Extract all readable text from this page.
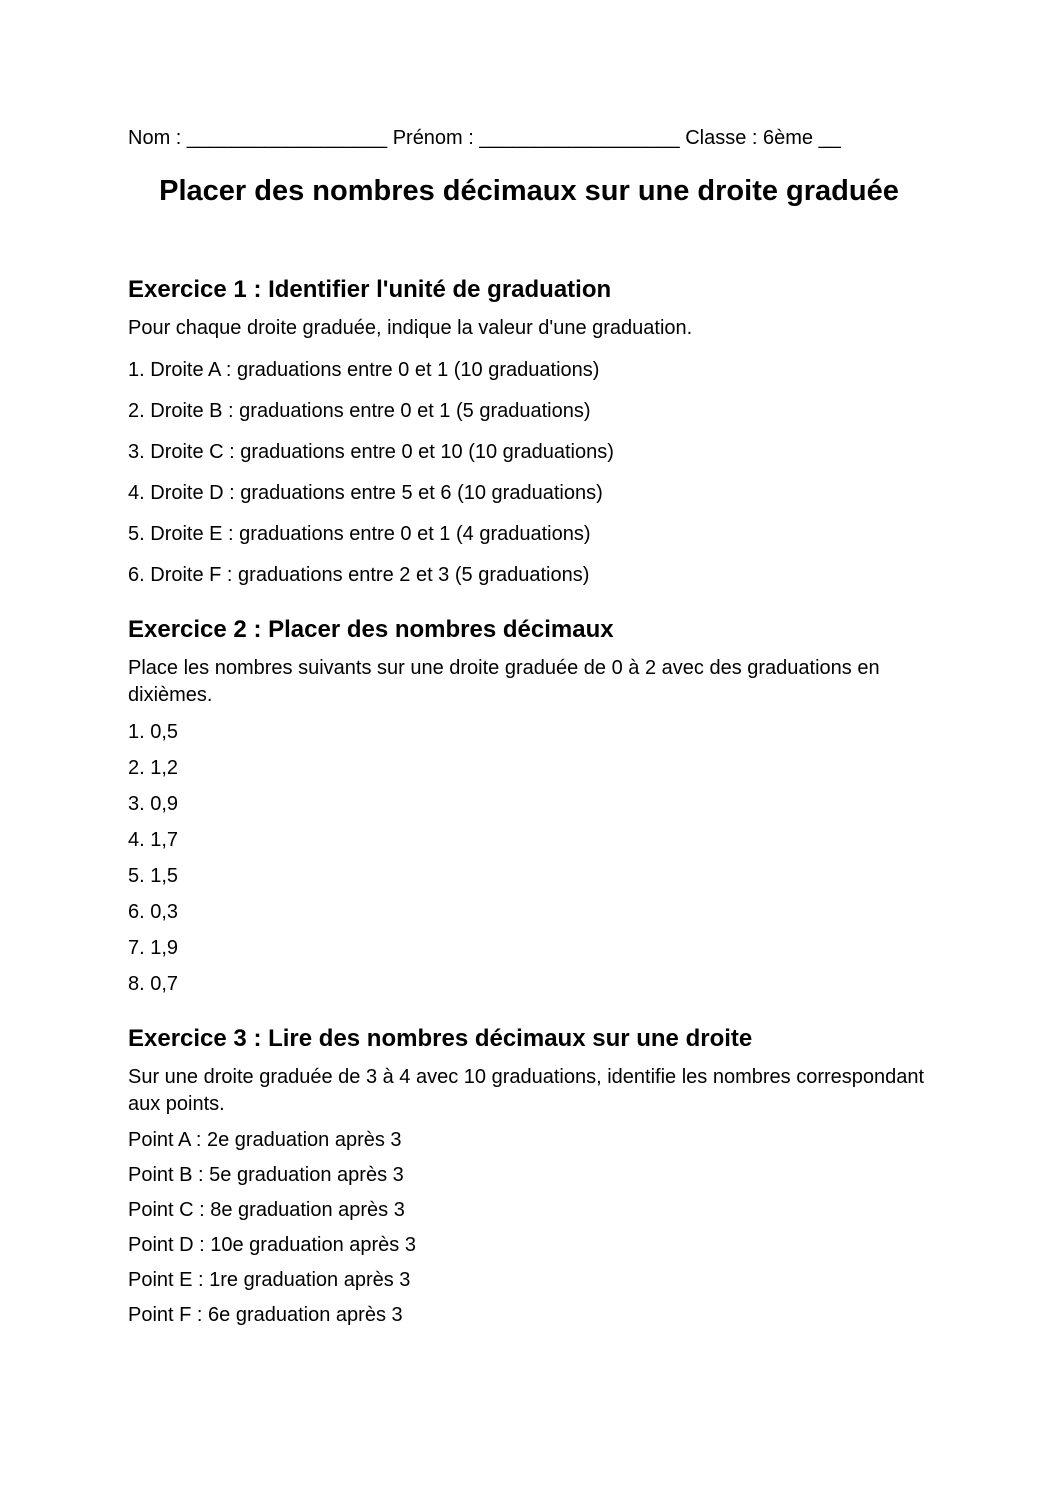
Nom : __________________ Prénom : __________________ Classe : 6ème __
Placer des nombres décimaux sur une droite graduée
Exercice 1 : Identifier l'unité de graduation

Pour chaque droite graduée, indique la valeur d'une graduation.

1. Droite A : graduations entre 0 et 1 (10 graduations)
2. Droite B : graduations entre 0 et 1 (5 graduations)
3. Droite C : graduations entre 0 et 10 (10 graduations)
4. Droite D : graduations entre 5 et 6 (10 graduations)
5. Droite E : graduations entre 0 et 1 (4 graduations)
6. Droite F : graduations entre 2 et 3 (5 graduations)
Exercice 2 : Placer des nombres décimaux

Place les nombres suivants sur une droite graduée de 0 à 2 avec des graduations en dixièmes.

1. 0,5
2. 1,2
3. 0,9
4. 1,7
5. 1,5
6. 0,3
7. 1,9
8. 0,7
Exercice 3 : Lire des nombres décimaux sur une droite

Sur une droite graduée de 3 à 4 avec 10 graduations, identifie les nombres correspondant aux points.

Point A : 2e graduation après 3
Point B : 5e graduation après 3
Point C : 8e graduation après 3
Point D : 10e graduation après 3
Point E : 1re graduation après 3
Point F : 6e graduation après 3
